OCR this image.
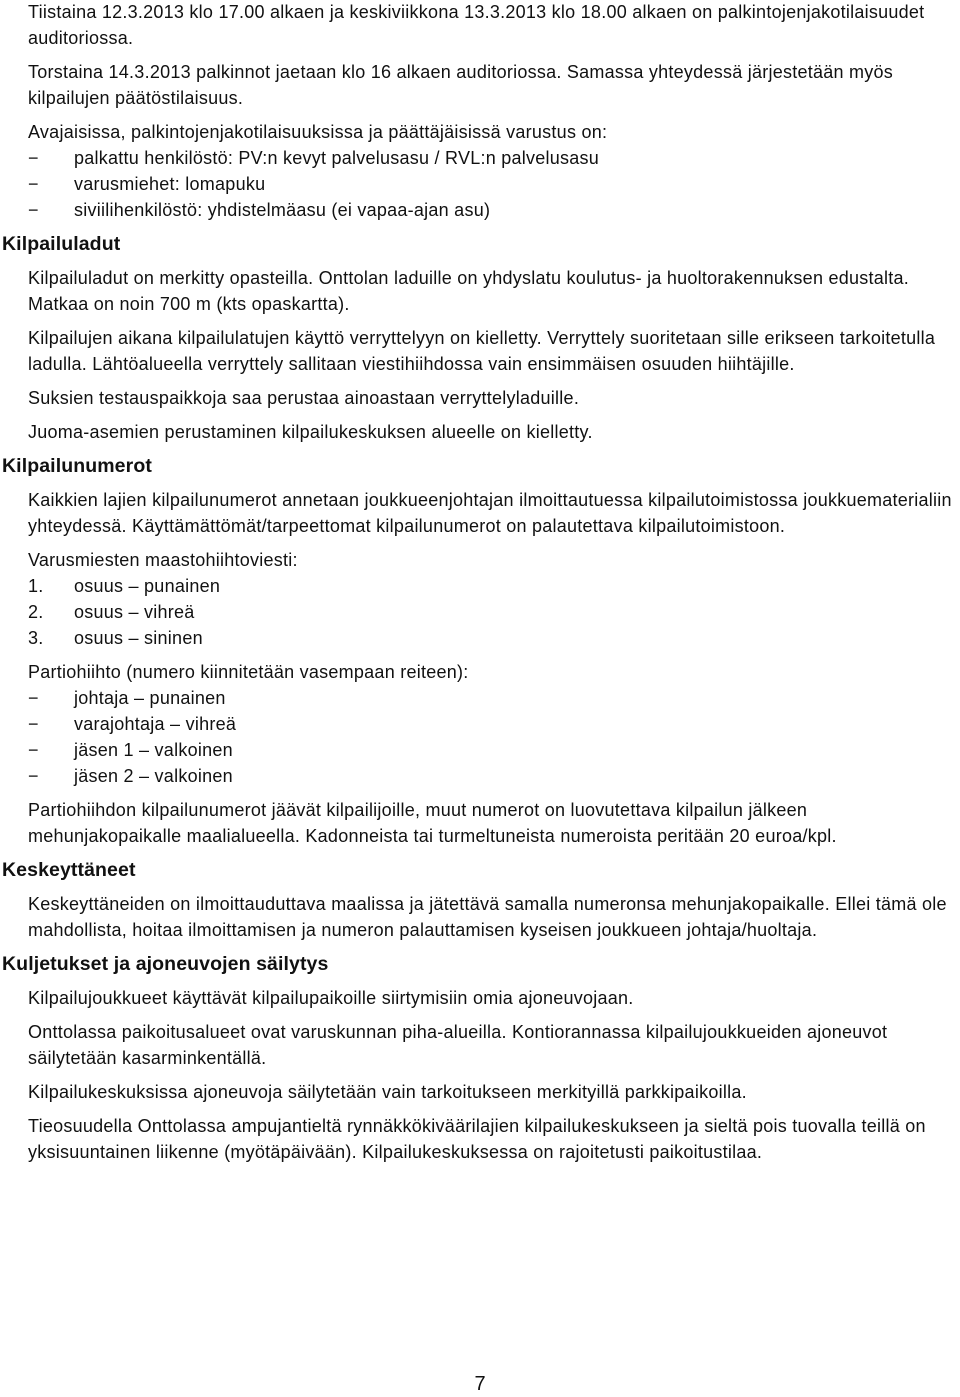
Tiistaina 12.3.2013 klo 17.00 alkaen ja keskiviikkona 13.3.2013 klo 18.00 alkaen on palkintojenjakotilaisuudet auditoriossa.

Torstaina 14.3.2013 palkinnot jaetaan klo 16 alkaen auditoriossa. Samassa yhteydessä järjestetään myös kilpailujen päätöstilaisuus.

Avajaisissa, palkintojenjakotilaisuuksissa ja päättäjäisissä varustus on:

−	palkattu henkilöstö: PV:n kevyt palvelusasu / RVL:n palvelusasu
−	varusmiehet: lomapuku
−	siviilihenkilöstö: yhdistelmäasu (ei vapaa-ajan asu)
Kilpailuladut

Kilpailuladut on merkitty opasteilla. Onttolan laduille on yhdyslatu koulutus- ja huoltorakennuksen edustalta. Matkaa on noin 700 m (kts opaskartta).

Kilpailujen aikana kilpailulatujen käyttö verryttelyyn on kielletty. Verryttely suoritetaan sille erikseen tarkoitetulla ladulla. Lähtöalueella verryttely sallitaan viestihiihdossa vain ensimmäisen osuuden hiihtäjille.

Suksien testauspaikkoja saa perustaa ainoastaan verryttelyladuille.

Juoma-asemien perustaminen kilpailukeskuksen alueelle on kielletty.

Kilpailunumerot

Kaikkien lajien kilpailunumerot annetaan joukkueenjohtajan ilmoittautuessa kilpailutoimistossa joukkuematerialiin yhteydessä. Käyttämättömät/tarpeettomat kilpailunumerot on palautettava kilpailutoimistoon.

Varusmiesten maastohiihtoviesti:

1.	osuus – punainen
2.	osuus – vihreä
3.	osuus – sininen

Partiohiihto (numero kiinnitetään vasempaan reiteen):

−	johtaja – punainen
−	varajohtaja – vihreä
−	jäsen 1 – valkoinen
−	jäsen 2 – valkoinen

Partiohiihdon kilpailunumerot jäävät kilpailijoille, muut numerot on luovutettava kilpailun jälkeen mehunjakopaikalle maalialueella. Kadonneista tai turmeltuneista numeroista peritään 20 euroa/kpl.

Keskeyttäneet

Keskeyttäneiden on ilmoittauduttava maalissa ja jätettävä samalla numeronsa mehunjakopaikalle. Ellei tämä ole mahdollista, hoitaa ilmoittamisen ja numeron palauttamisen kyseisen joukkueen johtaja/huoltaja.

Kuljetukset ja ajoneuvojen säilytys

Kilpailujoukkueet käyttävät kilpailupaikoille siirtymisiin omia ajoneuvojaan.

Onttolassa paikoitusalueet ovat varuskunnan piha-alueilla. Kontiorannassa kilpailujoukkueiden ajoneuvot säilytetään kasarminkentällä.

Kilpailukeskuksissa ajoneuvoja säilytetään vain tarkoitukseen merkityillä parkkipaikoilla.

Tieosuudella Onttolassa ampujantieltä rynnäkkökiväärilajien kilpailukeskukseen ja sieltä pois tuovalla teillä on yksisuuntainen liikenne (myötäpäivään). Kilpailukeskuksessa on rajoitetusti paikoitustilaa.

7
